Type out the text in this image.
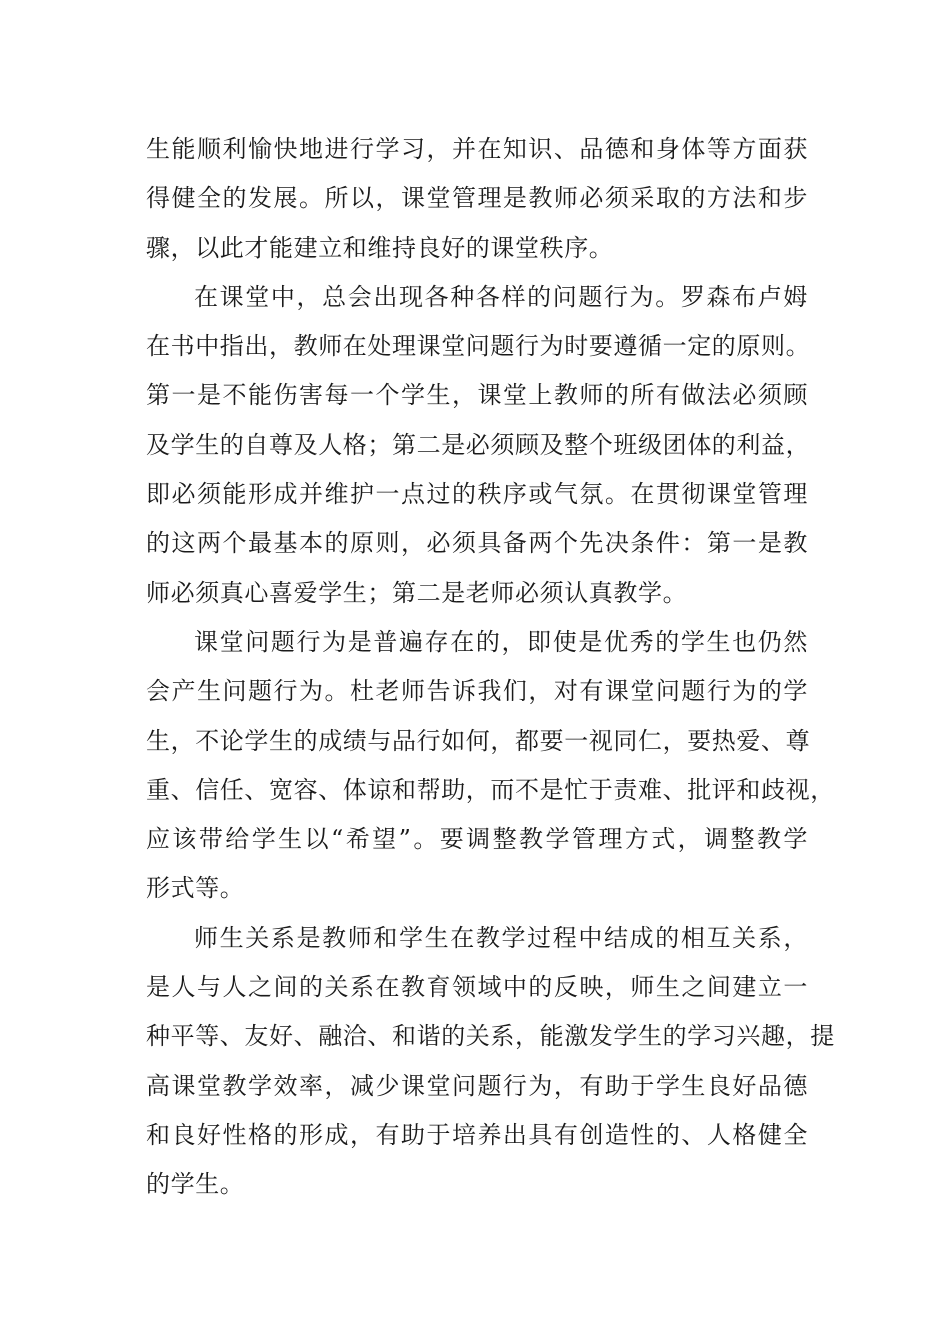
生能顺利愉快地进行学习，并在知识、品德和身体等方面获
得健全的发展。所以，课堂管理是教师必须采取的方法和步
骤，以此才能建立和维持良好的课堂秩序。
在课堂中，总会出现各种各样的问题行为。罗森布卢姆
在书中指出，教师在处理课堂问题行为时要遵循一定的原则。
第一是不能伤害每一个学生，课堂上教师的所有做法必须顾
及学生的自尊及人格；第二是必须顾及整个班级团体的利益，
即必须能形成并维护一点过的秩序或气氛。在贯彻课堂管理
的这两个最基本的原则，必须具备两个先决条件：第一是教
师必须真心喜爱学生；第二是老师必须认真教学。
课堂问题行为是普遍存在的，即使是优秀的学生也仍然
会产生问题行为。杜老师告诉我们，对有课堂问题行为的学
生，不论学生的成绩与品行如何，都要一视同仁，要热爱、尊
重、信任、宽容、体谅和帮助，而不是忙于责难、批评和歧视，
应该带给学生以“希望”。要调整教学管理方式，调整教学
形式等。
师生关系是教师和学生在教学过程中结成的相互关系，
是人与人之间的关系在教育领域中的反映，师生之间建立一
种平等、友好、融洽、和谐的关系，能激发学生的学习兴趣，提
高课堂教学效率，减少课堂问题行为，有助于学生良好品德
和良好性格的形成，有助于培养出具有创造性的、人格健全
的学生。
